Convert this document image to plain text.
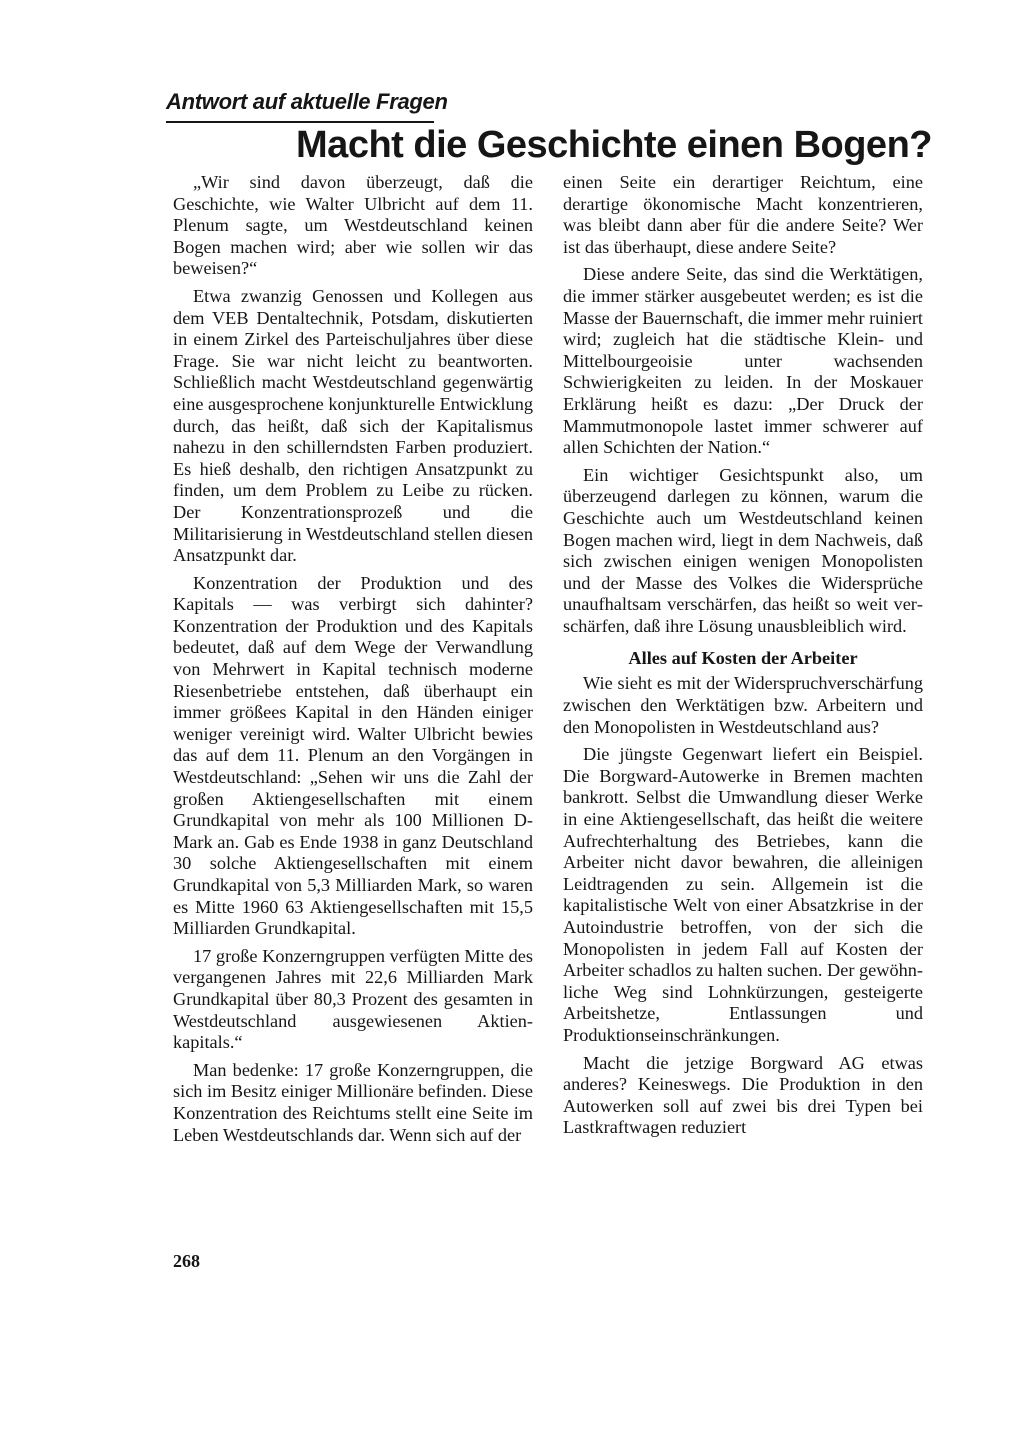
Antwort auf aktuelle Fragen
Macht die Geschichte einen Bogen?

„Wir sind davon überzeugt, daß die Geschichte, wie Walter Ulbricht auf dem 11. Plenum sagte, um Westdeutschland keinen Bogen machen wird; aber wie sollen wir das beweisen?“

Etwa zwanzig Genossen und Kollegen aus dem VEB Dentaltechnik, Potsdam, diskutierten in einem Zirkel des Parteischuljahres über diese Frage. Sie war nicht leicht zu beantworten. Schließlich macht Westdeutschland gegenwärtig eine ausgesprochene konjunkturelle Entwicklung durch, das heißt, daß sich der Kapitalismus nahezu in den schillerndsten Farben produziert. Es hieß deshalb, den richtigen Ansatzpunkt zu finden, um dem Problem zu Leibe zu rücken. Der Konzentrationsprozeß und die Militarisierung in Westdeutschland stellen diesen Ansatzpunkt dar.

Konzentration der Produktion und des Kapitals — was verbirgt sich dahinter? Konzentration der Produktion und des Kapitals bedeutet, daß auf dem Wege der Verwandlung von Mehrwert in Kapital technisch moderne Riesenbetriebe entstehen, daß überhaupt ein immer größees Kapital in den Händen einiger weniger vereinigt wird. Walter Ulbricht bewies das auf dem 11. Plenum an den Vorgängen in Westdeutschland: „Sehen wir uns die Zahl der großen Aktiengesellschaften mit einem Grundkapital von mehr als 100 Millionen D-Mark an. Gab es Ende 1938 in ganz Deutschland 30 solche Aktiengesellschaften mit einem Grundkapital von 5,3 Milliarden Mark, so waren es Mitte 1960 63 Aktiengesellschaften mit 15,5 Milliarden Grundkapital.

17 große Konzerngruppen verfügten Mitte des vergangenen Jahres mit 22,6 Milliarden Mark Grundkapital über 80,3 Prozent des gesamten in Westdeutschland ausgewiesenen Aktienkapitals.“

Man bedenke: 17 große Konzerngruppen, die sich im Besitz einiger Millionäre befinden. Diese Konzentration des Reichtums stellt eine Seite im Leben Westdeutschlands dar. Wenn sich auf der

einen Seite ein derartiger Reichtum, eine derartige ökonomische Macht konzentrieren, was bleibt dann aber für die andere Seite? Wer ist das überhaupt, diese andere Seite?

Diese andere Seite, das sind die Werktätigen, die immer stärker ausgebeutet werden; es ist die Masse der Bauernschaft, die immer mehr ruiniert wird; zugleich hat die städtische Klein- und Mittelbourgeoisie unter wachsenden Schwierigkeiten zu leiden. In der Moskauer Erklärung heißt es dazu: „Der Druck der Mammutmonopole lastet immer schwerer auf allen Schichten der Nation.“

Ein wichtiger Gesichtspunkt also, um überzeugend darlegen zu können, warum die Geschichte auch um Westdeutschland keinen Bogen machen wird, liegt in dem Nachweis, daß sich zwischen einigen wenigen Monopolisten und der Masse des Volkes die Widersprüche unaufhaltsam verschärfen, das heißt so weit verschärfen, daß ihre Lösung unausbleiblich wird.

Alles auf Kosten der Arbeiter

Wie sieht es mit der Widerspruchverschärfung zwischen den Werktätigen bzw. Arbeitern und den Monopolisten in Westdeutschland aus?

Die jüngste Gegenwart liefert ein Beispiel. Die Borgward-Autowerke in Bremen machten bankrott. Selbst die Umwandlung dieser Werke in eine Aktiengesellschaft, das heißt die weitere Aufrechterhaltung des Betriebes, kann die Arbeiter nicht davor bewahren, die alleinigen Leidtragenden zu sein. Allgemein ist die kapitalistische Welt von einer Absatzkrise in der Autoindustrie betroffen, von der sich die Monopolisten in jedem Fall auf Kosten der Arbeiter schadlos zu halten suchen. Der gewöhnliche Weg sind Lohnkürzungen, gesteigerte Arbeitshetze, Entlassungen und Produktionseinschränkungen.

Macht die jetzige Borgward AG etwas anderes? Keineswegs. Die Produktion in den Autowerken soll auf zwei bis drei Typen bei Lastkraftwagen reduziert

268
